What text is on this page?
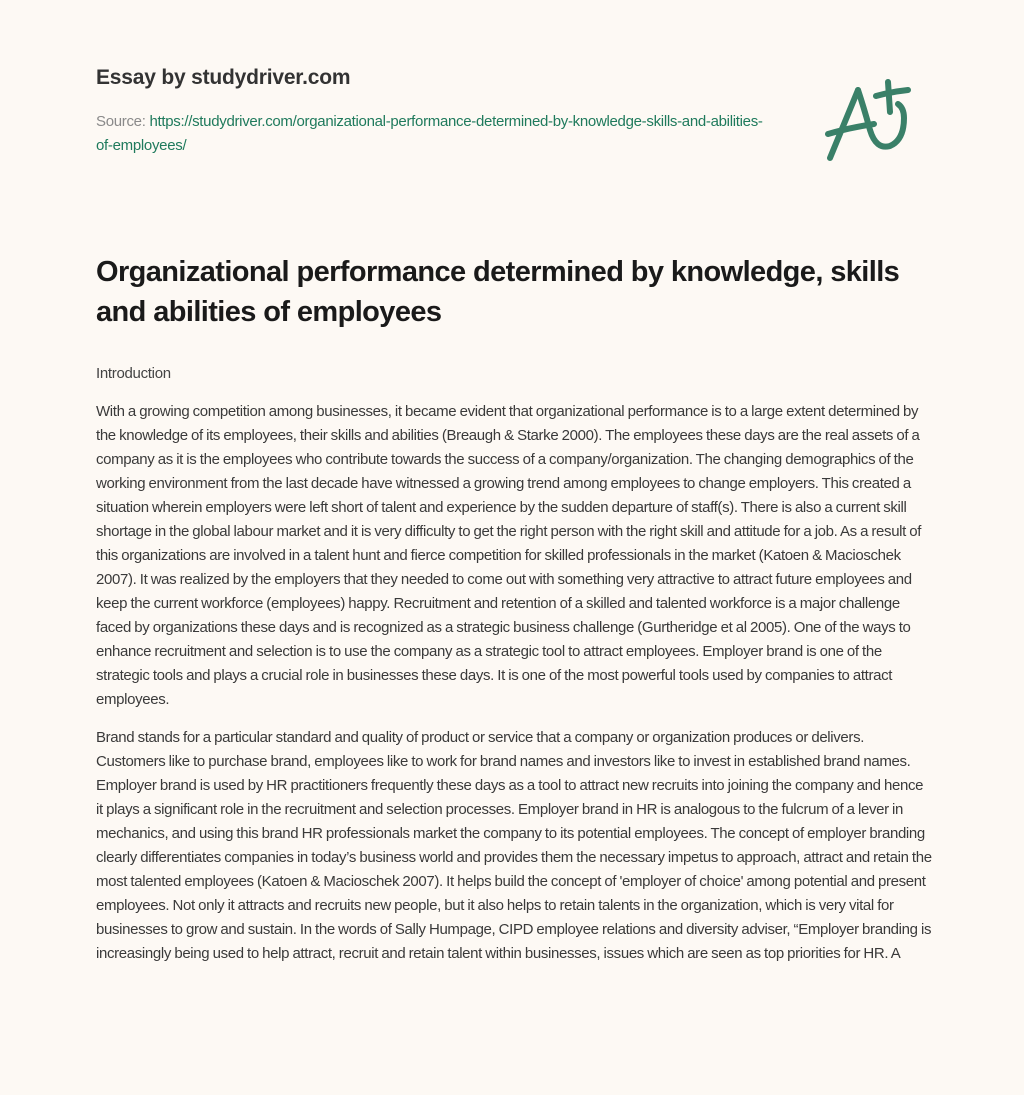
Essay by studydriver.com
Source: https://studydriver.com/organizational-performance-determined-by-knowledge-skills-and-abilities-of-employees/
Organizational performance determined by knowledge, skills and abilities of employees
Introduction

With a growing competition among businesses, it became evident that organizational performance is to a large extent determined by the knowledge of its employees, their skills and abilities (Breaugh & Starke 2000). The employees these days are the real assets of a company as it is the employees who contribute towards the success of a company/organization. The changing demographics of the working environment from the last decade have witnessed a growing trend among employees to change employers. This created a situation wherein employers were left short of talent and experience by the sudden departure of staff(s). There is also a current skill shortage in the global labour market and it is very difficulty to get the right person with the right skill and attitude for a job. As a result of this organizations are involved in a talent hunt and fierce competition for skilled professionals in the market (Katoen & Macioschek 2007). It was realized by the employers that they needed to come out with something very attractive to attract future employees and keep the current workforce (employees) happy. Recruitment and retention of a skilled and talented workforce is a major challenge faced by organizations these days and is recognized as a strategic business challenge (Gurtheridge et al 2005). One of the ways to enhance recruitment and selection is to use the company as a strategic tool to attract employees. Employer brand is one of the strategic tools and plays a crucial role in businesses these days. It is one of the most powerful tools used by companies to attract employees.

Brand stands for a particular standard and quality of product or service that a company or organization produces or delivers. Customers like to purchase brand, employees like to work for brand names and investors like to invest in established brand names. Employer brand is used by HR practitioners frequently these days as a tool to attract new recruits into joining the company and hence it plays a significant role in the recruitment and selection processes. Employer brand in HR is analogous to the fulcrum of a lever in mechanics, and using this brand HR professionals market the company to its potential employees. The concept of employer branding clearly differentiates companies in today’s business world and provides them the necessary impetus to approach, attract and retain the most talented employees (Katoen & Macioschek 2007). It helps build the concept of 'employer of choice' among potential and present employees. Not only it attracts and recruits new people, but it also helps to retain talents in the organization, which is very vital for businesses to grow and sustain. In the words of Sally Humpage, CIPD employee relations and diversity adviser, “Employer branding is increasingly being used to help attract, recruit and retain talent within businesses, issues which are seen as top priorities for HR. A
